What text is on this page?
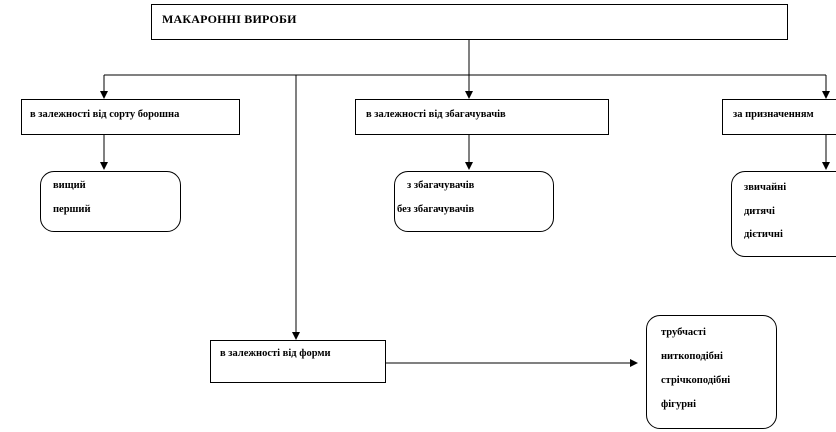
МАКАРОННІ ВИРОБИ
в залежності від сорту борошна	в залежності від збагачувачів	за призначенням
в залежності від форми
вищий
перший
з збагачувачів
без збагачувачів
звичайні
дитячі
дієтичні
трубчасті
ниткоподібні
стрічкоподібні
фігурні
